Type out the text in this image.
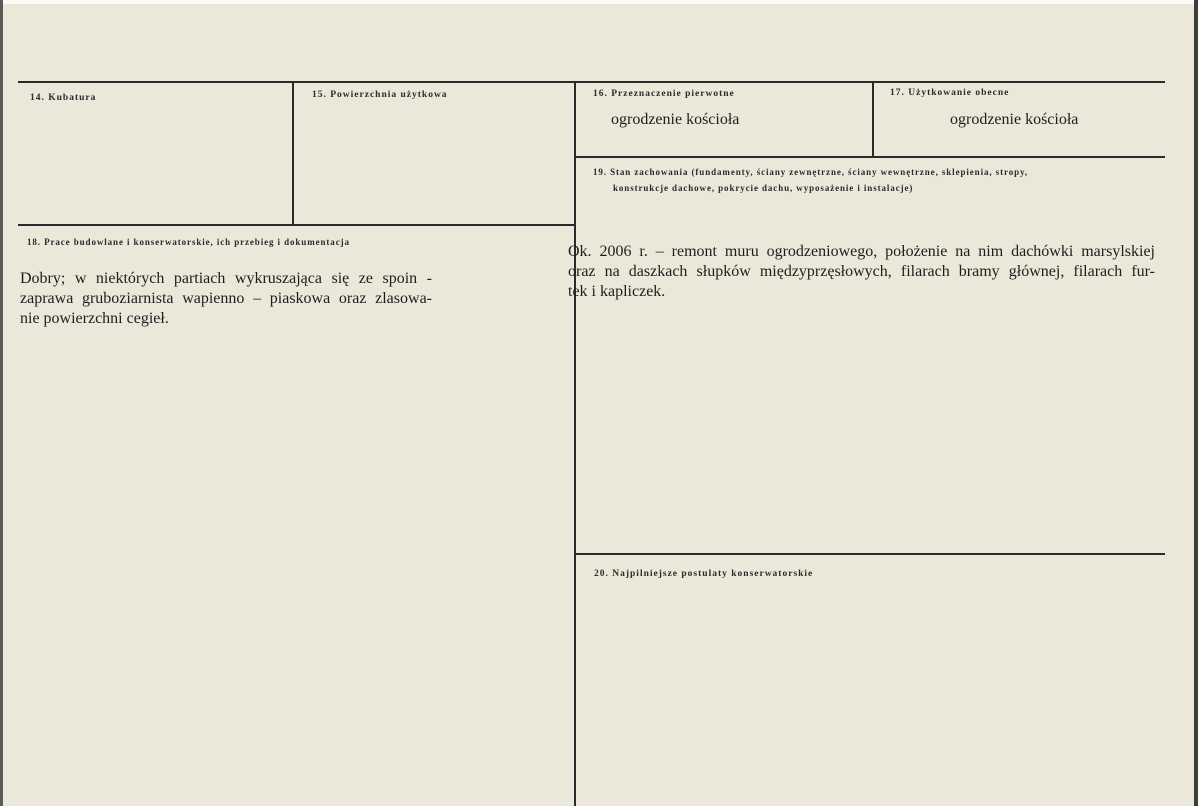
14. Kubatura	15. Powierzchnia użytkowa	16. Przeznaczenie pierwotne
ogrodzenie kościoła
17. Użytkowanie obecne
ogrodzenie kościoła
19. Stan zachowania (fundamenty, ściany zewnętrzne, ściany wewnętrzne, sklepienia, stropy,
konstrukcje dachowe, pokrycie dachu, wyposażenie i instalacje)
18. Prace budowlane i konserwatorskie, ich przebieg i dokumentacja
Dobry; w niektórych partiach wykruszająca się ze spoin -
zaprawa gruboziarnista wapienno – piaskowa oraz zlasowa-
nie powierzchni cegieł.
Ok. 2006 r. – remont muru ogrodzeniowego, położenie na nim dachówki marsylskiej
oraz na daszkach słupków międzyprzęsłowych, filarach bramy głównej, filarach fur-
tek i kapliczek.
20. Najpilniejsze postulaty konserwatorskie
